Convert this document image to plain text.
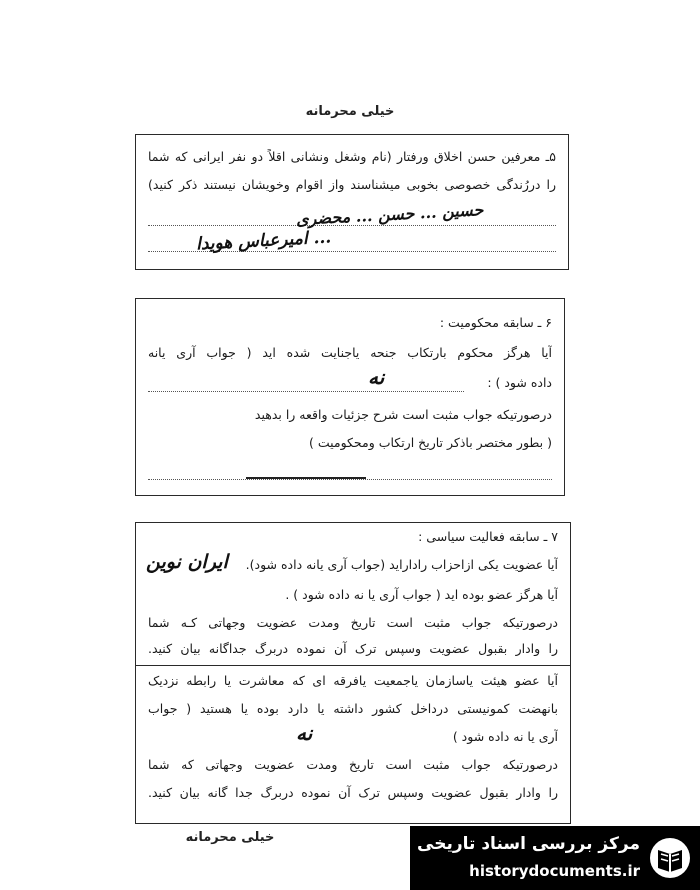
خیلی محرمانه
۵ـ معرفین حسن اخلاق ورفتار (نام وشغل ونشانی اقلاً دو نفر ایرانی که شما
را دررُندگی خصوصی بخوبی میشناسند واز اقوام وخویشان نیستند ذکر کنید)
حسین ... حسن ... محضری
... امیرعباس هویدا
۶ ـ سابقه محکومیت :
آیا هرگز محکوم بارتکاب جنحه یاجنایت شده اید ( جواب آری یانه
داده شود ) :
نه
درصورتیکه جواب مثبت است شرح جزئیات واقعه را بدهید
( بطور مختصر باذکر تاریخ ارتکاب ومحکومیت )
۷ ـ سابقه فعالیت سیاسی :
آیا عضویت یکی ازاحزاب راداراید (جواب آری یانه داده شود).
ایران نوین
آیا هرگز عضو بوده اید ( جواب آری یا نه داده شود ) .
درصورتیکه جواب مثبت است تاریخ ومدت عضویت وجهاتی کـه شما
را وادار بقبول عضویت وسپس ترک آن نموده دربرگ جداگانه بیان کنید.
آیا عضو هیئت یاسازمان یاجمعیت یافرقه ای که معاشرت یا رابطه نزدیک
بانهضت کمونیستی درداخل کشور داشته یا دارد بوده یا هستید ( جواب
آری یا نه داده شود )
نه
درصورتیکه جواب مثبت است تاریخ ومدت عضویت وجهاتی که شما
را وادار بقبول عضویت وسپس ترک آن نموده دربرگ جدا گانه بیان کنید.
خیلی محرمانه	مرکز بررسی اسناد تاریخی
historydocuments.ir
